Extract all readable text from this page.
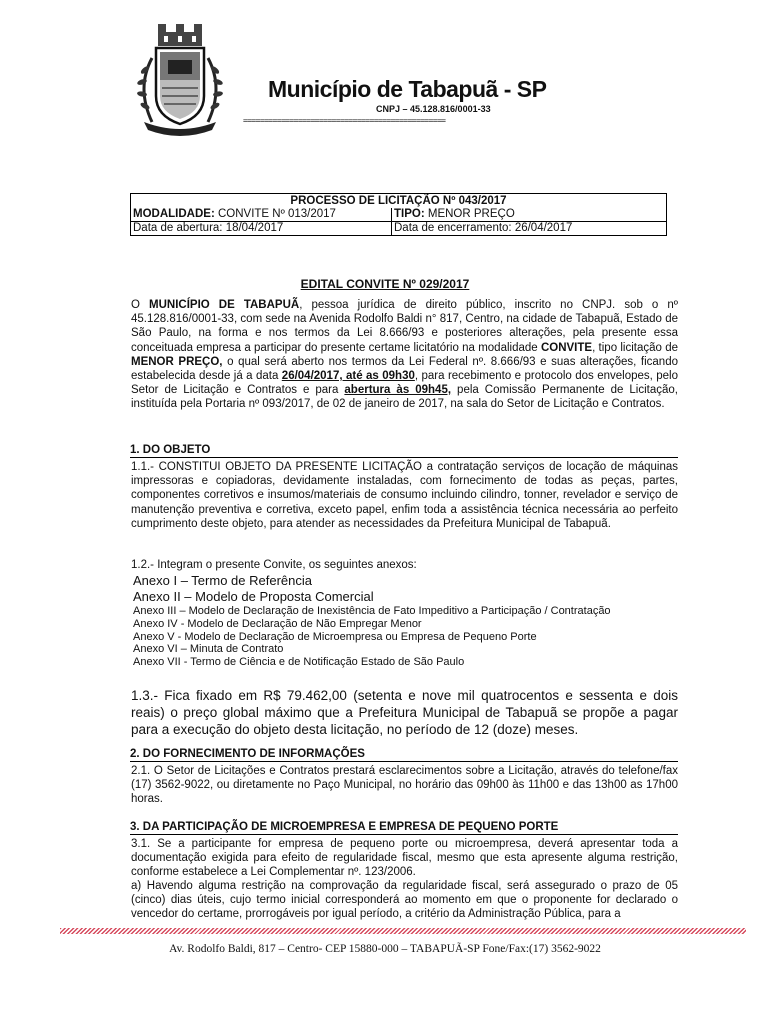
Município de Tabapuã - SP
CNPJ – 45.128.816/0001-33
================================================
PROCESSO DE LICITAÇÃO Nº 043/2017
MODALIDADE: CONVITE Nº 013/2017	TIPO: MENOR PREÇO
Data de abertura: 18/04/2017	Data de encerramento: 26/04/2017
EDITAL CONVITE Nº 029/2017
O MUNICÍPIO DE TABAPUÃ, pessoa jurídica de direito público, inscrito no CNPJ. sob o nº 45.128.816/0001-33, com sede na Avenida Rodolfo Baldi n° 817, Centro, na cidade de Tabapuã, Estado de São Paulo, na forma e nos termos da Lei 8.666/93 e posteriores alterações, pela presente essa conceituada empresa a participar do presente certame licitatório na modalidade CONVITE, tipo licitação de MENOR PREÇO, o qual será aberto nos termos da Lei Federal nº. 8.666/93 e suas alterações, ficando estabelecida desde já a data 26/04/2017, até as 09h30, para recebimento e protocolo dos envelopes, pelo Setor de Licitação e Contratos e para abertura às 09h45, pela Comissão Permanente de Licitação, instituída pela Portaria nº 093/2017, de 02 de janeiro de 2017, na sala do Setor de Licitação e Contratos.
1. DO OBJETO
1.1.- CONSTITUI OBJETO DA PRESENTE LICITAÇÃO a contratação serviços de locação de máquinas impressoras e copiadoras, devidamente instaladas, com fornecimento de todas as peças, partes, componentes corretivos e insumos/materiais de consumo incluindo cilindro, tonner, revelador e serviço de manutenção preventiva e corretiva, exceto papel, enfim toda a assistência técnica necessária ao perfeito cumprimento deste objeto, para atender as necessidades da Prefeitura Municipal de Tabapuã.
1.2.- Integram o presente Convite, os seguintes anexos:
Anexo I – Termo de Referência
Anexo II – Modelo de Proposta Comercial
Anexo III – Modelo de Declaração de Inexistência de Fato Impeditivo a Participação / Contratação
Anexo IV - Modelo de Declaração de Não Empregar Menor
Anexo V - Modelo de Declaração de Microempresa ou Empresa de Pequeno Porte
Anexo VI – Minuta de Contrato
Anexo VII - Termo de Ciência e de Notificação Estado de São Paulo
1.3.- Fica fixado em R$ 79.462,00 (setenta e nove mil quatrocentos e sessenta e dois reais) o preço global máximo que a Prefeitura Municipal de Tabapuã se propõe a pagar para a execução do objeto desta licitação, no período de 12 (doze) meses.
2. DO FORNECIMENTO DE INFORMAÇÕES
2.1. O Setor de Licitações e Contratos prestará esclarecimentos sobre a Licitação, através do telefone/fax (17) 3562-9022, ou diretamente no Paço Municipal, no horário das 09h00 às 11h00 e das 13h00 as 17h00 horas.
3. DA PARTICIPAÇÃO DE MICROEMPRESA E EMPRESA DE PEQUENO PORTE
3.1. Se a participante for empresa de pequeno porte ou microempresa, deverá apresentar toda a documentação exigida para efeito de regularidade fiscal, mesmo que esta apresente alguma restrição, conforme estabelece a Lei Complementar nº. 123/2006.
a) Havendo alguma restrição na comprovação da regularidade fiscal, será assegurado o prazo de 05 (cinco) dias úteis, cujo termo inicial corresponderá ao momento em que o proponente for declarado o vencedor do certame, prorrogáveis por igual período, a critério da Administração Pública, para a
Av. Rodolfo Baldi, 817 – Centro- CEP 15880-000 – TABAPUÃ-SP Fone/Fax:(17) 3562-9022
